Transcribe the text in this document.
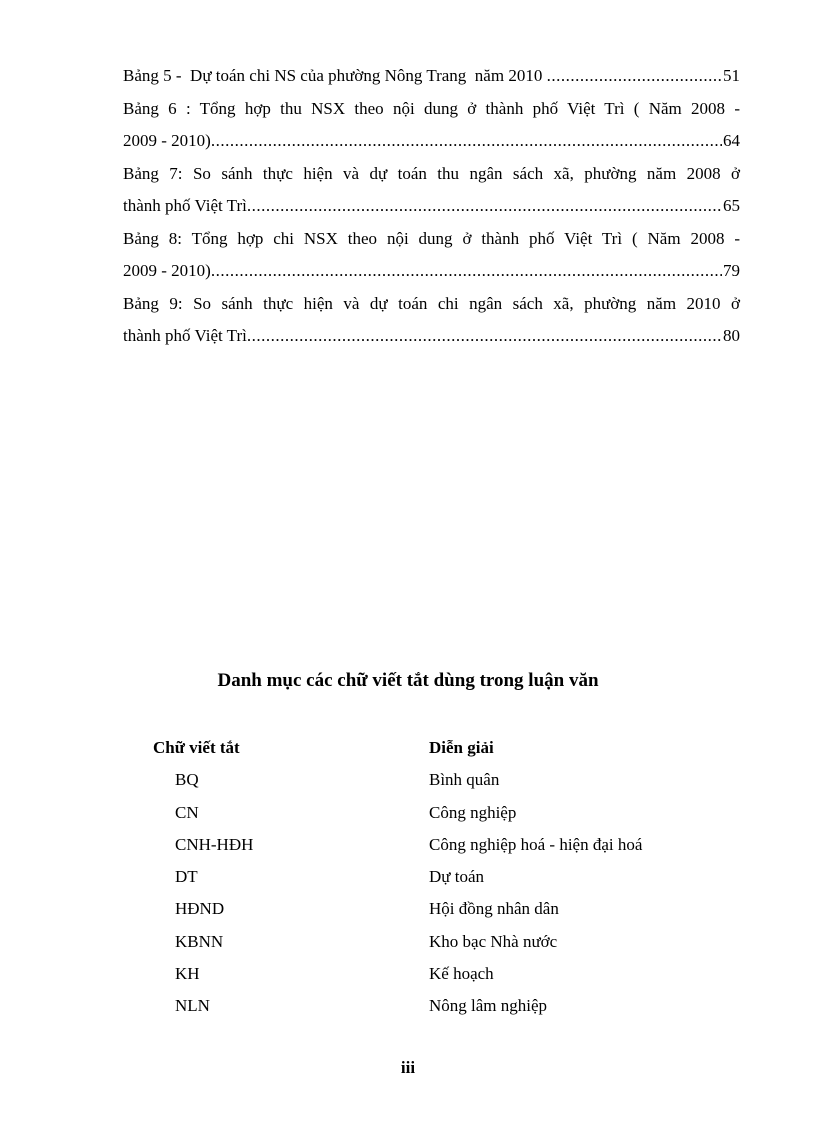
Bảng 5 -  Dự toán chi NS của phường Nông Trang  năm 2010 .....	51
Bảng 6 : Tổng hợp thu NSX theo nội dung ở thành phố Việt Trì ( Năm 2008 -
2009 - 2010) .....	64
Bảng 7: So sánh thực hiện và dự toán thu ngân sách xã, phường năm 2008 ở
thành phố Việt Trì .....	65
Bảng 8: Tổng hợp chi NSX theo nội dung ở thành phố Việt Trì ( Năm 2008 -
2009 - 2010) .....	79
Bảng 9: So sánh thực hiện và dự toán chi ngân sách xã, phường năm 2010 ở
thành phố Việt Trì .....	80
Danh mục các chữ viết tắt dùng trong luận văn
Chữ viết tắt	Diễn giải
BQ	Bình quân
CN	Công nghiệp
CNH-HĐH	Công nghiệp hoá - hiện đại hoá
DT	Dự toán
HĐND	Hội đồng nhân dân
KBNN	Kho bạc Nhà nước
KH	Kế hoạch
NLN	Nông lâm nghiệp
iii
